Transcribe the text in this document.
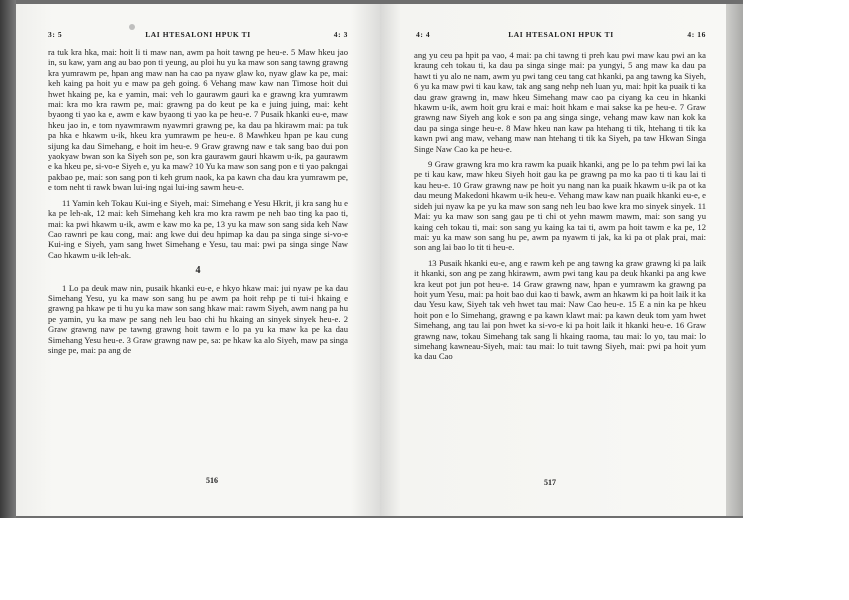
3: 5	LAI HTESALONI HPUK TI	4: 3

ra tuk kra hka, mai: hoit li ti maw nan, awm pa hoit tawng pe heu-e. 5 Maw hkeu jao in, su kaw, yam ang au bao pon ti yeung, au ploi hu yu ka maw son sang tawng grawng kra yumrawm pe, hpan ang maw nan ha cao pa nyaw glaw ko, nyaw glaw ka pe, mai: keh kaing pa hoit yu e maw pa geh going. 6 Vehang maw kaw nan Timose hoit dui hwet hkaing pe, ka e yamin, mai: veh lo gaurawm gauri ka e grawng kra yumrawm mai: kra mo kra rawm pe, mai: grawng pa do keut pe ka e juing juing, mai: keht byaong ti yao ka e, awm e kaw byaong ti yao ka pe heu-e. 7 Pusaik hkanki eu-e, maw hkeu jao in, e tom nyawmrawm nyawmri grawng pe, ka dau pa hkirawm mai: pa tuk pa hka e hkawm u-ik, hkeu kra yumrawm pe heu-e. 8 Mawhkeu hpan pe kau cung sijung ka dau Simehang, e hoit im heu-e. 9 Graw grawng naw e tak sang bao dui pon yaokyaw bwan son ka Siyeh son pe, son kra gaurawm gauri hkawm u-ik, pa gaurawm e ka hkeu pe, si-vo-e Siyeh e, yu ka maw? 10 Yu ka maw son sang pon e ti yao pakngai pakbao pe, mai: son sang pon ti keh grum naok, ka pa kawn cha dau kra yumrawm pe, e tom neht ti rawk bwan lui-ing ngai lui-ing sawm heu-e.

11 Yamin keh Tokau Kui-ing e Siyeh, mai: Simehang e Yesu Hkrit, ji kra sang hu e ka pe leh-ak, 12 mai: keh Simehang keh kra mo kra rawm pe neh bao ting ka pao ti, mai: ka pwi hkawm u-ik, awm e kaw mo ka pe, 13 yu ka maw son sang sida keh Naw Cao rawnri pe kau cong, mai: ang kwe dui deu hpimap ka dau pa singa singe si-vo-e Kui-ing e Siyeh, yam sang hwet Simehang e Yesu, tau mai: pwi pa singa singe Naw Cao hkawm u-ik leh-ak.

4

1 Lo pa deuk maw nin, pusaik hkanki eu-e, e hkyo hkaw mai: jui nyaw pe ka dau Simehang Yesu, yu ka maw son sang hu pe awm pa hoit rehp pe ti tui-i hkaing e grawng pa hkaw pe ti hu yu ka maw son sang hkaw mai: rawm Siyeh, awm nang pa hu pe yamin, yu ka maw pe sang neh leu bao chi hu hkaing an sinyek sinyek heu-e. 2 Graw grawng naw pe tawng grawng hoit tawm e lo pa yu ka maw ka pe ka dau Simehang Yesu heu-e. 3 Graw grawng naw pe, sa: pe hkaw ka alo Siyeh, maw pa singa singe pe, mai: pa ang de

516
4: 4	LAI HTESALONI HPUK TI	4: 16

ang yu ceu pa hpit pa vao, 4 mai: pa chi tawng ti preh kau pwi maw kau pwi an ka kraung ceh tokau ti, ka dau pa singa singe mai: pa yungyi, 5 ang maw ka dau pa hawt ti yu alo ne nam, awm yu pwi tang ceu tang cat hkanki, pa ang tawng ka Siyeh, 6 yu ka maw pwi ti kau kaw, tak ang sang nehp neh luan yu, mai: hpit ka puaik ti ka dau graw grawng in, maw hkeu Simehang maw cao pa ciyang ka ceu in hkanki hkawm u-ik, awm hoit gru krai e mai: hoit hkam e mai sakse ka pe heu-e. 7 Graw grawng naw Siyeh ang kok e son pa ang singa singe, vehang maw kaw nan kok ka dau pa singa singe heu-e. 8 Maw hkeu nan kaw pa htehang ti tik, htehang ti tik ka kawn pwi ang maw, vehang maw nan htehang ti tik ka Siyeh, pa taw Hkwan Singa Singe Naw Cao ka pe heu-e.

9 Graw grawng kra mo kra rawm ka puaik hkanki, ang pe lo pa tehm pwi lai ka pe ti kau kaw, maw hkeu Siyeh hoit gau ka pe grawng pa mo ka pao ti ti kau lai ti kau heu-e. 10 Graw grawng naw pe hoit yu nang nan ka puaik hkawm u-ik pa ot ka dau meung Makedoni hkawm u-ik heu-e. Vehang maw kaw nan puaik hkanki eu-e, e sideh jui nyaw ka pe yu ka maw son sang neh leu bao kwe kra mo sinyek sinyek. 11 Mai: yu ka maw son sang gau pe ti chi ot yehn mawm mawm, mai: son sang yu kaing ceh tokau ti, mai: son sang yu kaing ka tai ti, awm pa hoit tawm e ka pe, 12 mai: yu ka maw son sang hu pe, awm pa nyawm ti jak, ka ki pa ot plak prai, mai: son ang lai bao lo tit ti heu-e.

13 Pusaik hkanki eu-e, ang e rawm keh pe ang tawng ka graw grawng ki pa laik it hkanki, son ang pe zang hkirawm, awm pwi tang kau pa deuk hkanki pa ang kwe kra keut pot jun pot heu-e. 14 Graw grawng naw, hpan e yumrawm ka grawng pa hoit yum Yesu, mai: pa hoit bao dui kao ti bawk, awm an hkawm ki pa hoit laik it ka dau Yesu kaw, Siyeh tak veh hwet tau mai: Naw Cao heu-e. 15 E a nin ka pe hkeu hoit pon e lo Simehang, grawng e pa kawn klawt mai: pa kawn deuk tom yam hwet Simehang, ang tau lai pon hwet ka si-vo-e ki pa hoit laik it hkanki heu-e. 16 Graw grawng naw, tokau Simehang tak sang li hkaing raoma, tau mai: lo yo, tau mai: lo simehang kawneau-Siyeh, mai: tau mai: lo tuit tawng Siyeh, mai: pwi pa hoit yum ka dau Cao

517
